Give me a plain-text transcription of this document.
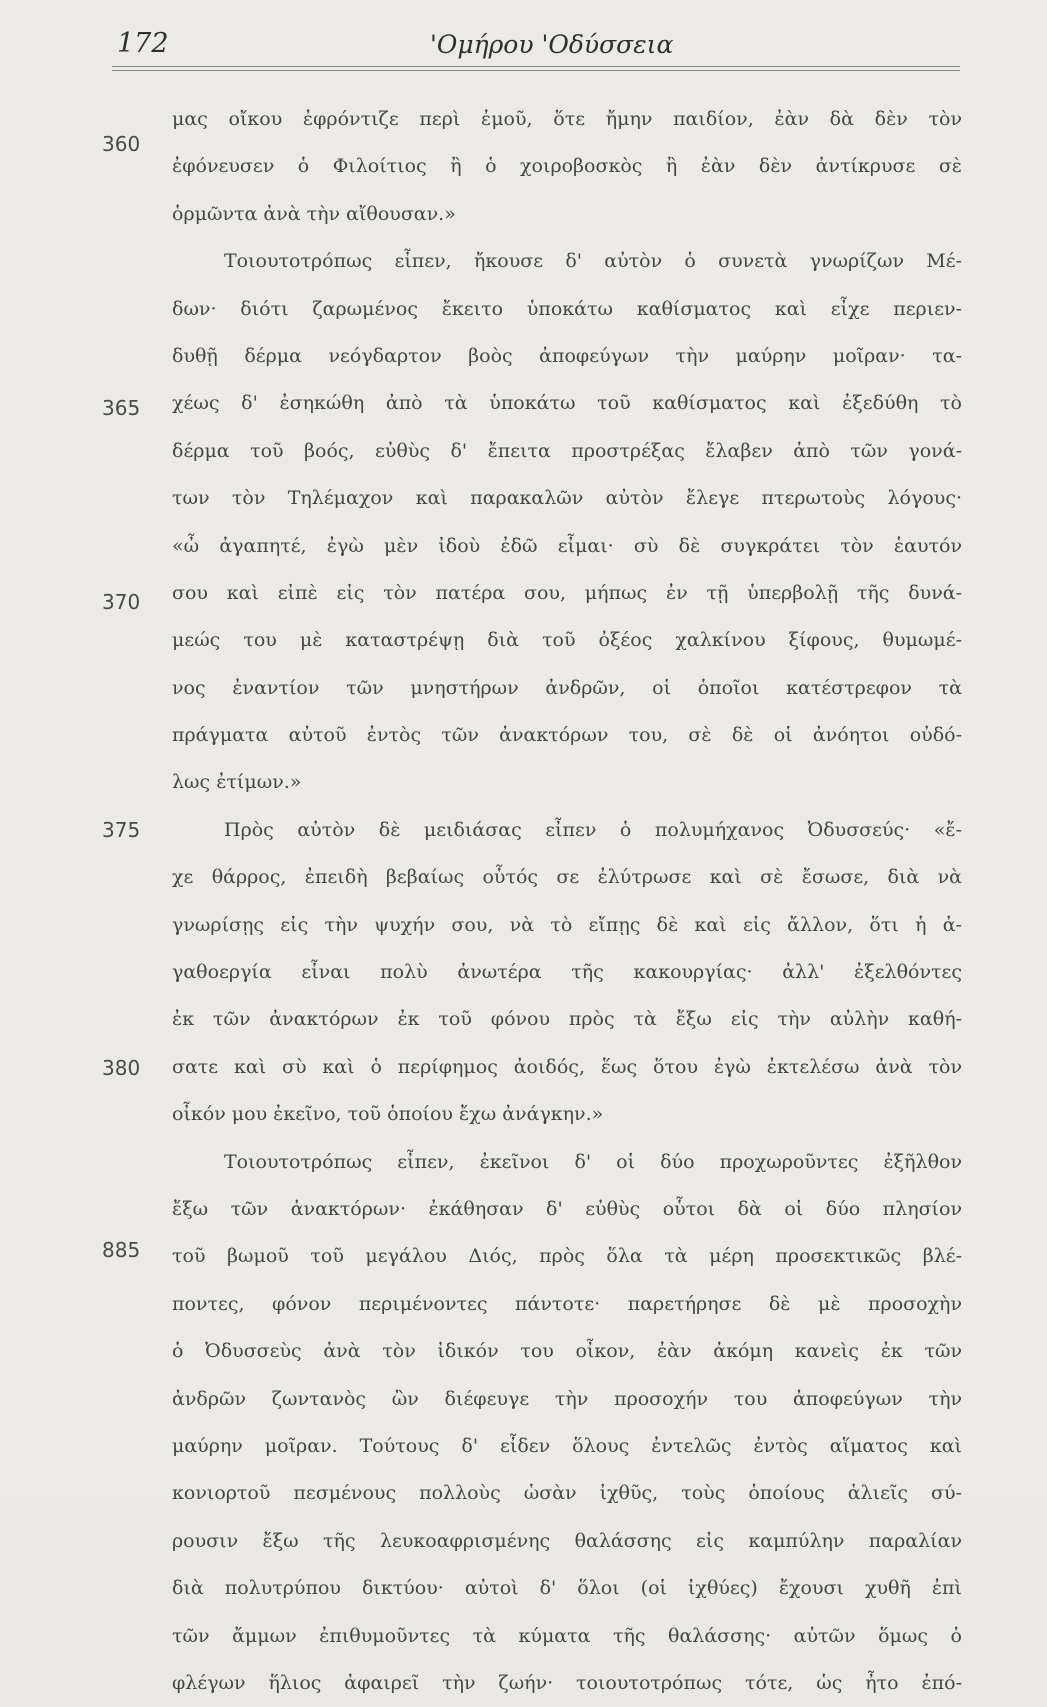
172	'Ομήρου 'Οδύσσεια
360
365
370
375
380
885
μας οἴκου ἐφρόντιζε περὶ ἐμοῦ, ὅτε ἤμην παιδίον, ἐὰν δὰ δὲν τὸν
ἐφόνευσεν ὁ Φιλοίτιος ἢ ὁ χοιροβοσκὸς ἢ ἐὰν δὲν ἀντίκρυσε σὲ
ὁρμῶντα ἀνὰ τὴν αἴθουσαν.»
Τοιουτοτρόπως εἶπεν, ἤκουσε δ' αὐτὸν ὁ συνετὰ γνωρίζων Μέ-
δων· διότι ζαρωμένος ἔκειτο ὑποκάτω καθίσματος καὶ εἶχε περιεν-
δυθῇ δέρμα νεόγδαρτον βοὸς ἀποφεύγων τὴν μαύρην μοῖραν· τα-
χέως δ' ἐσηκώθη ἀπὸ τὰ ὑποκάτω τοῦ καθίσματος καὶ ἐξεδύθη τὸ
δέρμα τοῦ βοός, εὐθὺς δ' ἔπειτα προστρέξας ἔλαβεν ἀπὸ τῶν γονά-
των τὸν Τηλέμαχον καὶ παρακαλῶν αὐτὸν ἔλεγε πτερωτοὺς λόγους·
«ὦ ἀγαπητέ, ἐγὼ μὲν ἰδοὺ ἐδῶ εἶμαι· σὺ δὲ συγκράτει τὸν ἑαυτόν
σου καὶ εἰπὲ εἰς τὸν πατέρα σου, μήπως ἐν τῇ ὑπερβολῇ τῆς δυνά-
μεώς του μὲ καταστρέψῃ διὰ τοῦ ὀξέος χαλκίνου ξίφους, θυμωμέ-
νος ἐναντίον τῶν μνηστήρων ἀνδρῶν, οἱ ὁποῖοι κατέστρεφον τὰ
πράγματα αὐτοῦ ἐντὸς τῶν ἀνακτόρων του, σὲ δὲ οἱ ἀνόητοι οὐδό-
λως ἐτίμων.»
Πρὸς αὐτὸν δὲ μειδιάσας εἶπεν ὁ πολυμήχανος Ὀδυσσεύς· «ἔ-
χε θάρρος, ἐπειδὴ βεβαίως οὗτός σε ἐλύτρωσε καὶ σὲ ἔσωσε, διὰ νὰ
γνωρίσῃς εἰς τὴν ψυχήν σου, νὰ τὸ εἴπῃς δὲ καὶ εἰς ἄλλον, ὅτι ἡ ἀ-
γαθοεργία εἶναι πολὺ ἀνωτέρα τῆς κακουργίας· ἀλλ' ἐξελθόντες
ἐκ τῶν ἀνακτόρων ἐκ τοῦ φόνου πρὸς τὰ ἔξω εἰς τὴν αὐλὴν καθή-
σατε καὶ σὺ καὶ ὁ περίφημος ἀοιδός, ἕως ὅτου ἐγὼ ἐκτελέσω ἀνὰ τὸν
οἶκόν μου ἐκεῖνο, τοῦ ὁποίου ἔχω ἀνάγκην.»
Τοιουτοτρόπως εἶπεν, ἐκεῖνοι δ' οἱ δύο προχωροῦντες ἐξῆλθον
ἔξω τῶν ἀνακτόρων· ἐκάθησαν δ' εὐθὺς οὗτοι δὰ οἱ δύο πλησίον
τοῦ βωμοῦ τοῦ μεγάλου Διός, πρὸς ὅλα τὰ μέρη προσεκτικῶς βλέ-
ποντες, φόνον περιμένοντες πάντοτε· παρετήρησε δὲ μὲ προσοχὴν
ὁ Ὀδυσσεὺς ἀνὰ τὸν ἰδικόν του οἶκον, ἐὰν ἀκόμη κανεὶς ἐκ τῶν
ἀνδρῶν ζωντανὸς ὢν διέφευγε τὴν προσοχήν του ἀποφεύγων τὴν
μαύρην μοῖραν. Τούτους δ' εἶδεν ὅλους ἐντελῶς ἐντὸς αἵματος καὶ
κονιορτοῦ πεσμένους πολλοὺς ὡσὰν ἰχθῦς, τοὺς ὁποίους ἁλιεῖς σύ-
ρουσιν ἔξω τῆς λευκοαφρισμένης θαλάσσης εἰς καμπύλην παραλίαν
διὰ πολυτρύπου δικτύου· αὐτοὶ δ' ὅλοι (οἱ ἰχθύες) ἔχουσι χυθῆ ἐπὶ
τῶν ἄμμων ἐπιθυμοῦντες τὰ κύματα τῆς θαλάσσης· αὐτῶν ὅμως ὁ
φλέγων ἥλιος ἀφαιρεῖ τὴν ζωήν· τοιουτοτρόπως τότε, ὡς ἦτο ἐπό-
